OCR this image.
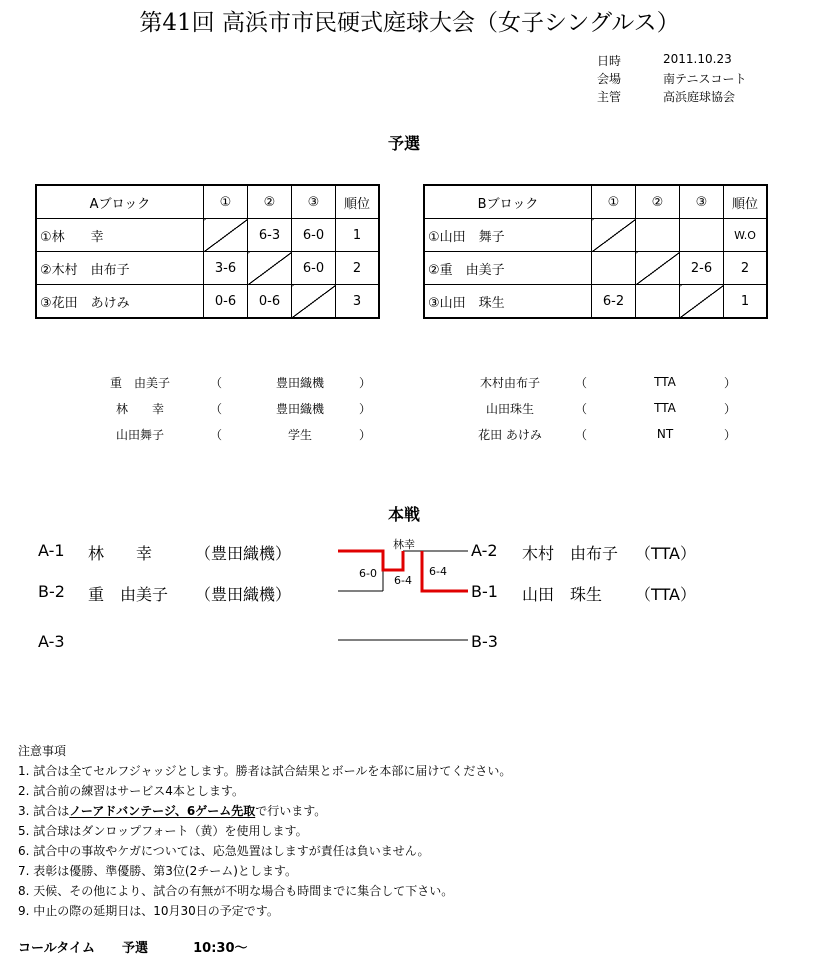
第41回 高浜市市民硬式庭球大会（女子シングルス）
日時	2011.10.23
会場	南テニスコート
主管	高浜庭球協会
予選
Aブロック	①	②	③	順位
①林　　幸		6-3	6-0	1
②木村　由布子	3-6		6-0	2
③花田　あけみ	0-6	0-6		3
Bブロック	①	②	③	順位
①山田　舞子				W.O
②重　由美子			2-6	2
③山田　珠生	6-2			1
重　由美子	（	豊田織機	）
林　　幸	（	豊田織機	）
山田舞子	（	学生	）
木村由布子	（	TTA	）
山田珠生	（	TTA	）
花田 あけみ	（	NT	）
本戦
A-1 林　　幸	（豊田織機）
B-2 重　由美子 （豊田織機）
A-3
A-2 木村　由布子 （TTA）
B-1 山田　珠生 （TTA）
B-3
林幸
6-0
6-4
6-4
注意事項
1. 試合は全てセルフジャッジとします。勝者は試合結果とボールを本部に届けてください。
2. 試合前の練習はサービス4本とします。
3. 試合はノーアドバンテージ、6ゲーム先取で行います。
5. 試合球はダンロップフォート（黄）を使用します。
6. 試合中の事故やケガについては、応急処置はしますが責任は負いません。
7. 表彰は優勝、準優勝、第3位(2チーム)とします。
8. 天候、その他により、試合の有無が不明な場合も時間までに集合して下さい。
9. 中止の際の延期日は、10月30日の予定です。
コールタイム 予選	10:30〜
